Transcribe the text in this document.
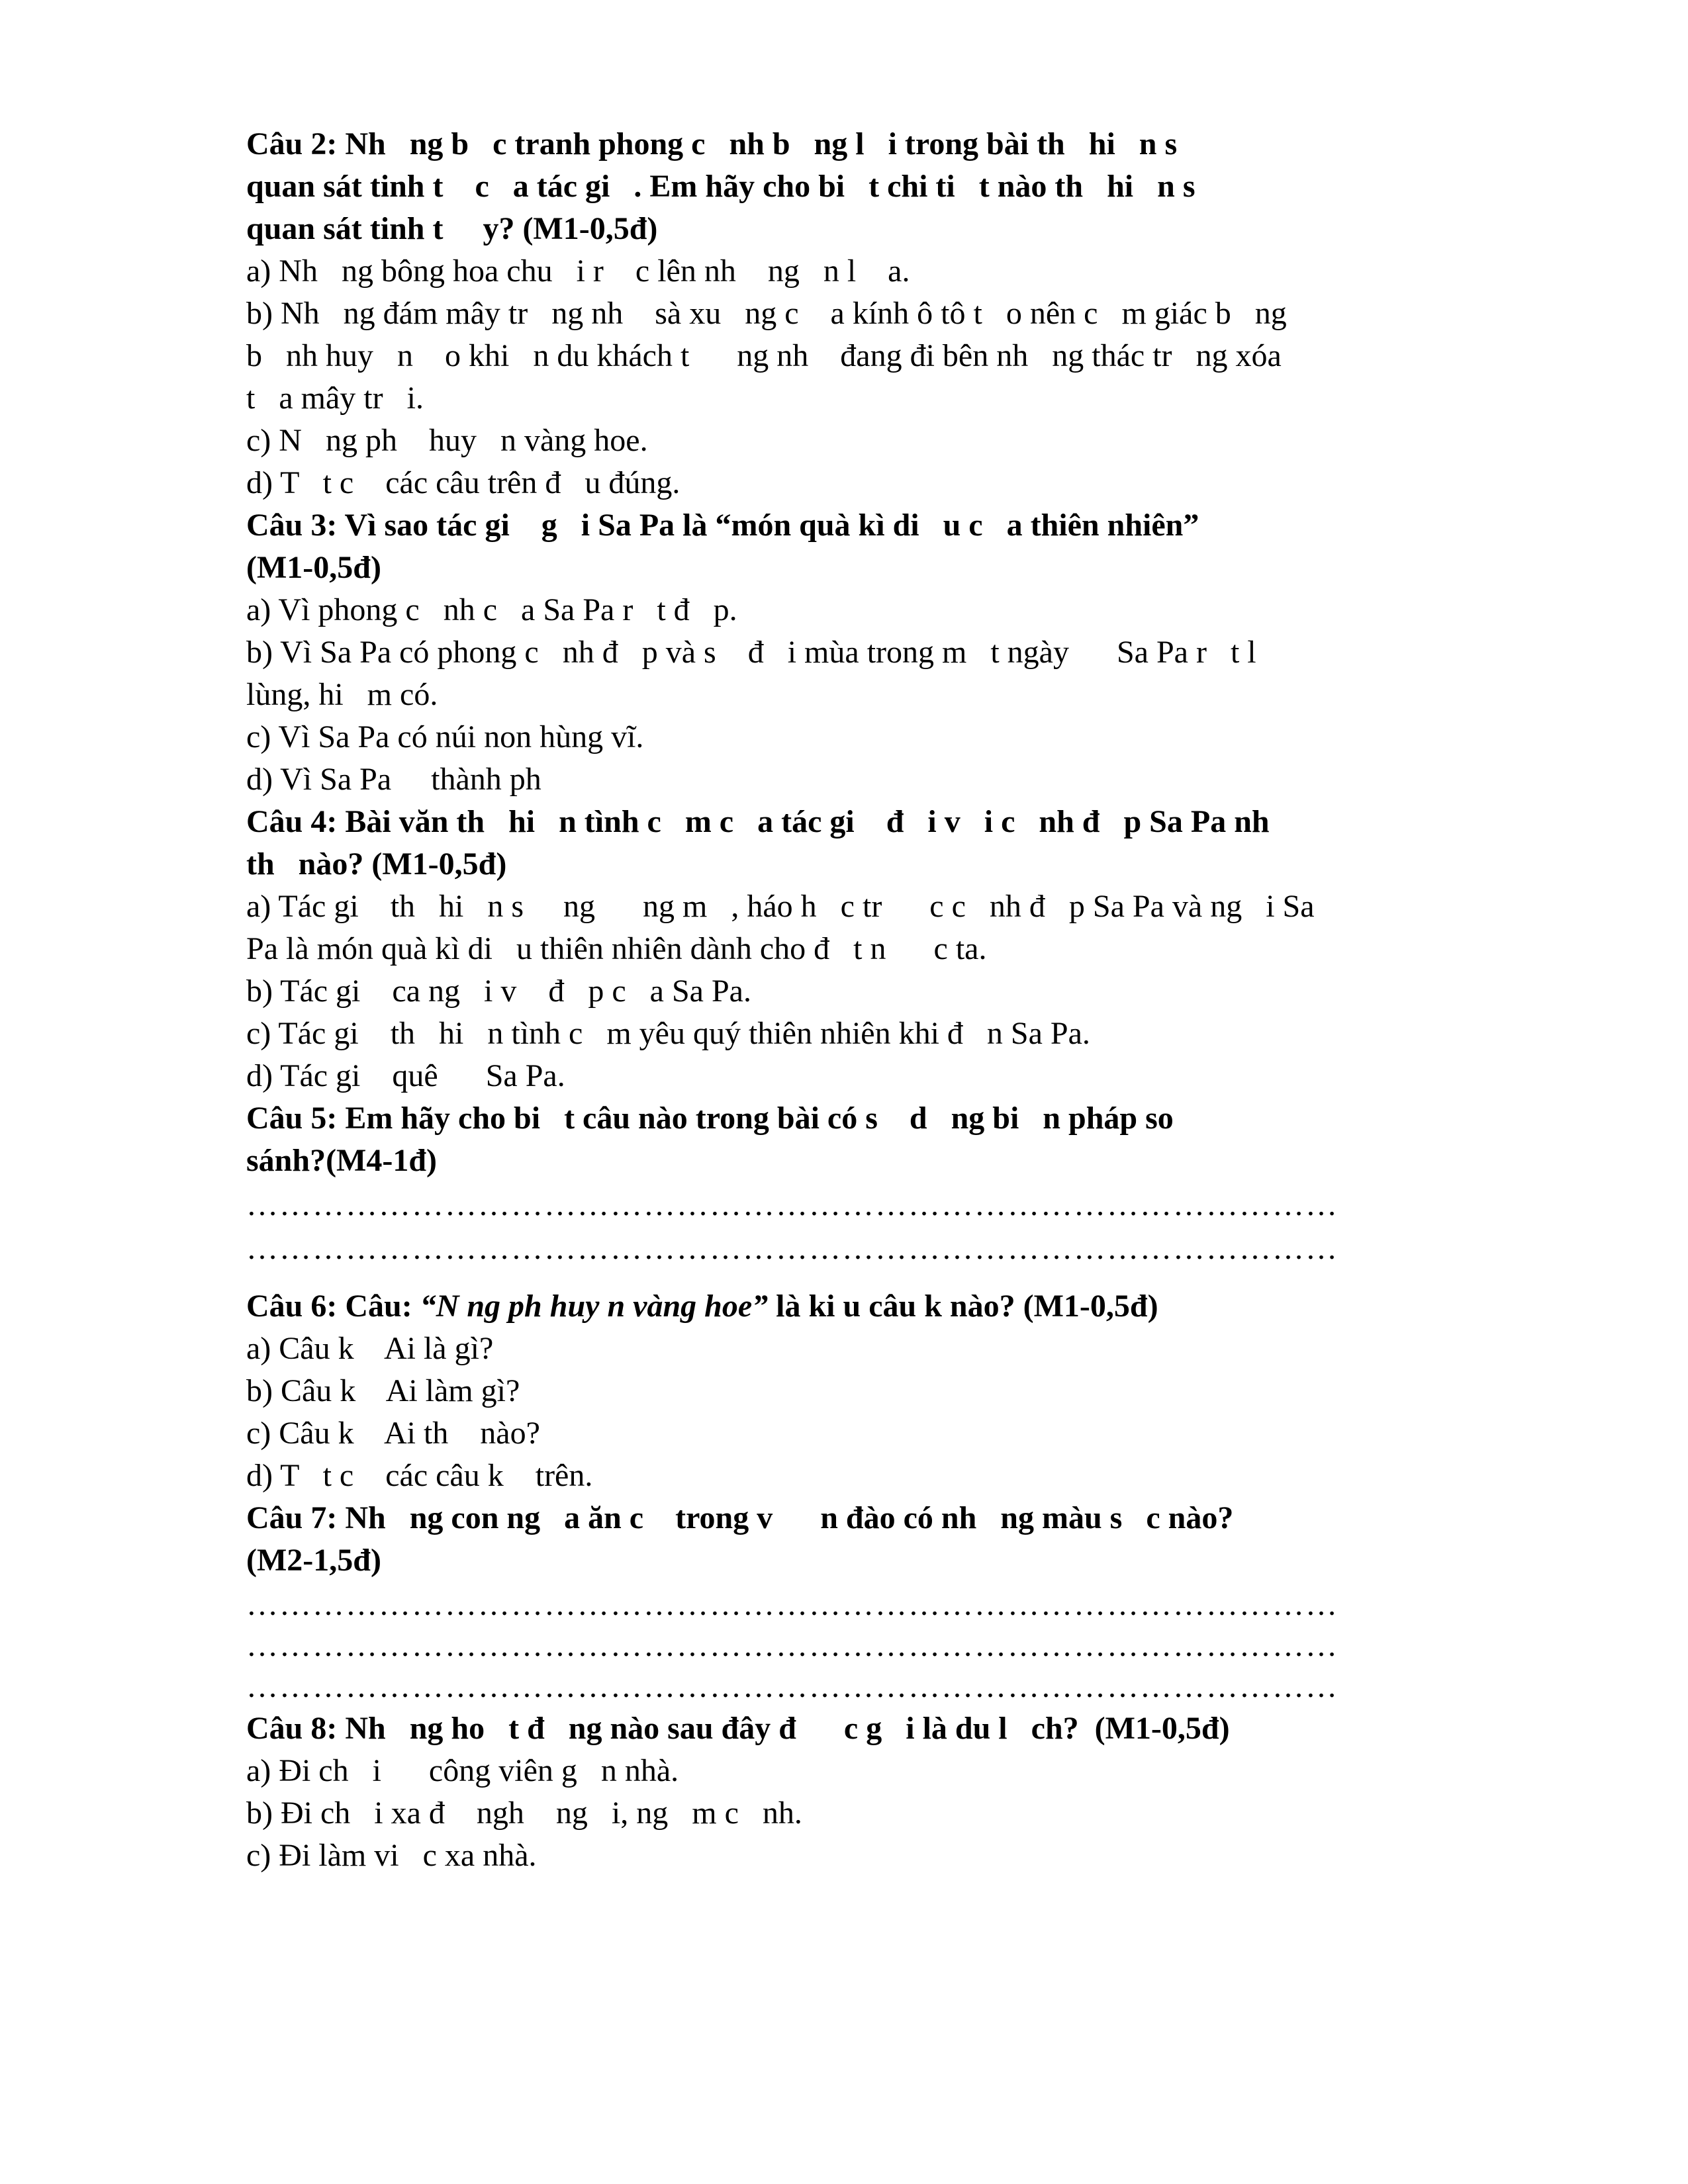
Câu 2: Nh   ng b   c tranh phong c   nh b   ng l   i trong bài th   hi   n s
quan sát tinh t    c   a tác gi   . Em hãy cho bi   t chi ti   t nào th   hi   n s
quan sát tinh t     y? (M1-0,5đ)

a) Nh   ng bông hoa chu   i r    c lên nh    ng   n l    a.

b) Nh   ng đám mây tr   ng nh    sà xu   ng c    a kính ô tô t   o nên c   m giác b   ng

b   nh huy   n    o khi   n du khách t      ng nh    đang đi bên nh   ng thác tr   ng xóa

t   a mây tr   i.

c) N   ng ph    huy   n vàng hoe.

d) T   t c    các câu trên đ   u đúng.

Câu 3: Vì sao tác gi    g   i Sa Pa là “món quà kì di   u c   a thiên nhiên”
(M1-0,5đ)

a) Vì phong c   nh c   a Sa Pa r   t đ   p.

b) Vì Sa Pa có phong c   nh đ   p và s    đ   i mùa trong m   t ngày      Sa Pa r   t l

lùng, hi   m có.

c) Vì Sa Pa có núi non hùng vĩ.

d) Vì Sa Pa     thành ph

Câu 4: Bài văn th   hi   n tình c   m c   a tác gi    đ   i v   i c   nh đ   p Sa Pa nh
th   nào? (M1-0,5đ)

a) Tác gi    th   hi   n s     ng      ng m   , háo h   c tr      c c   nh đ   p Sa Pa và ng   i Sa

Pa là món quà kì di   u thiên nhiên dành cho đ   t n      c ta.

b) Tác gi    ca ng   i v    đ   p c   a Sa Pa.

c) Tác gi    th   hi   n tình c   m yêu quý thiên nhiên khi đ   n Sa Pa.

d) Tác gi    quê      Sa Pa.

Câu 5: Em hãy cho bi   t câu nào trong bài có s    d   ng bi   n pháp so
sánh?(M4-1đ)

………………………………………………………………………………………

………………………………………………………………………………………

Câu 6: Câu: “N ng ph huy n vàng hoe” là ki u câu k nào? (M1-0,5đ)

a) Câu k    Ai là gì?

b) Câu k    Ai làm gì?

c) Câu k    Ai th    nào?

d) T   t c    các câu k    trên.

Câu 7: Nh   ng con ng   a ăn c    trong v      n đào có nh   ng màu s   c nào?
(M2-1,5đ)

………………………………………………………………………………………

………………………………………………………………………………………

………………………………………………………………………………………

Câu 8: Nh   ng ho   t đ   ng nào sau đây đ      c g   i là du l   ch?  (M1-0,5đ)

a) Đi ch   i      công viên g   n nhà.

b) Đi ch   i xa đ    ngh    ng   i, ng   m c   nh.

c) Đi làm vi   c xa nhà.
